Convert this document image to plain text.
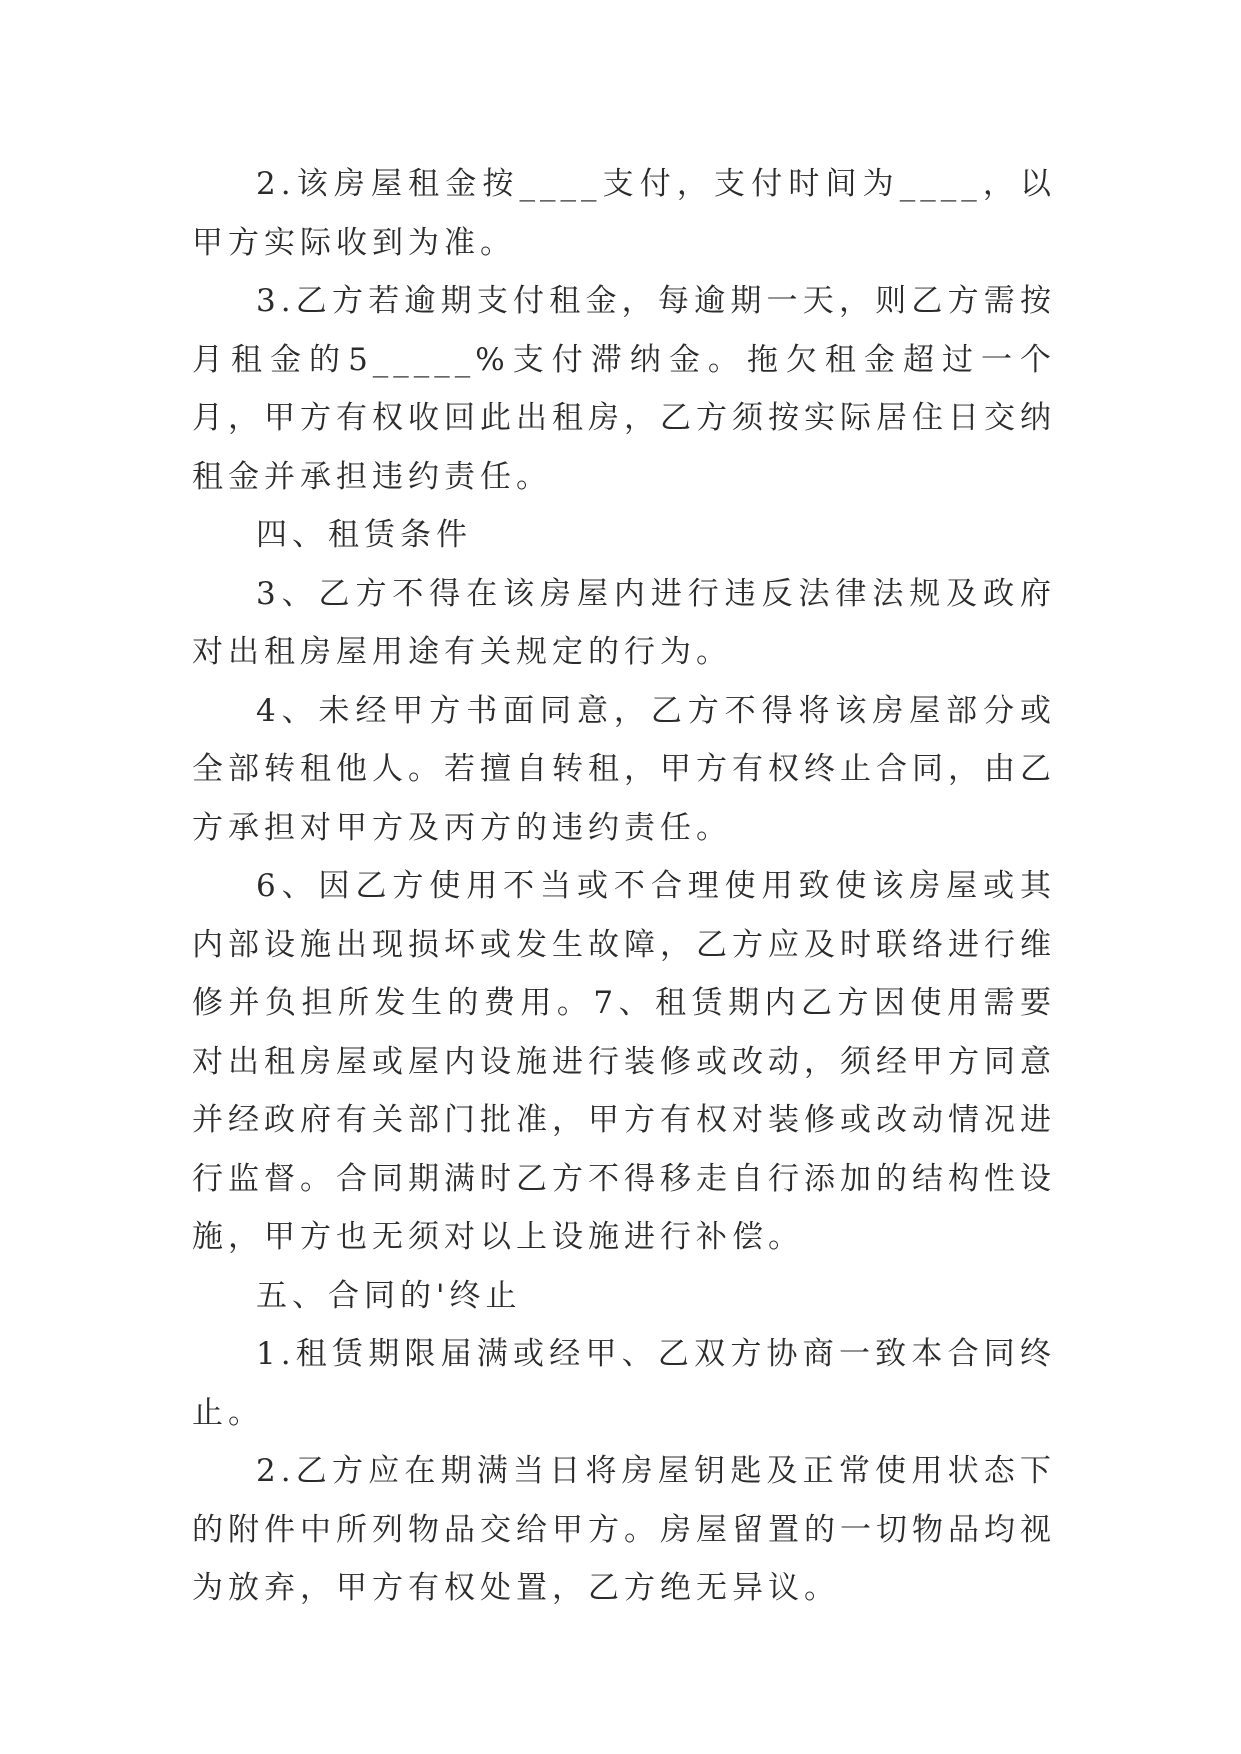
2.该房屋租金按____支付，支付时间为____，以甲方实际收到为准。

3.乙方若逾期支付租金，每逾期一天，则乙方需按月租金的5_____%支付滞纳金。拖欠租金超过一个月，甲方有权收回此出租房，乙方须按实际居住日交纳租金并承担违约责任。

四、租赁条件

3、乙方不得在该房屋内进行违反法律法规及政府对出租房屋用途有关规定的行为。

4、未经甲方书面同意，乙方不得将该房屋部分或全部转租他人。若擅自转租，甲方有权终止合同，由乙方承担对甲方及丙方的违约责任。

6、因乙方使用不当或不合理使用致使该房屋或其内部设施出现损坏或发生故障，乙方应及时联络进行维修并负担所发生的费用。7、租赁期内乙方因使用需要对出租房屋或屋内设施进行装修或改动，须经甲方同意并经政府有关部门批准，甲方有权对装修或改动情况进行监督。合同期满时乙方不得移走自行添加的结构性设施，甲方也无须对以上设施进行补偿。

五、合同的'终止

1.租赁期限届满或经甲、乙双方协商一致本合同终止。

2.乙方应在期满当日将房屋钥匙及正常使用状态下的附件中所列物品交给甲方。房屋留置的一切物品均视为放弃，甲方有权处置，乙方绝无异议。
